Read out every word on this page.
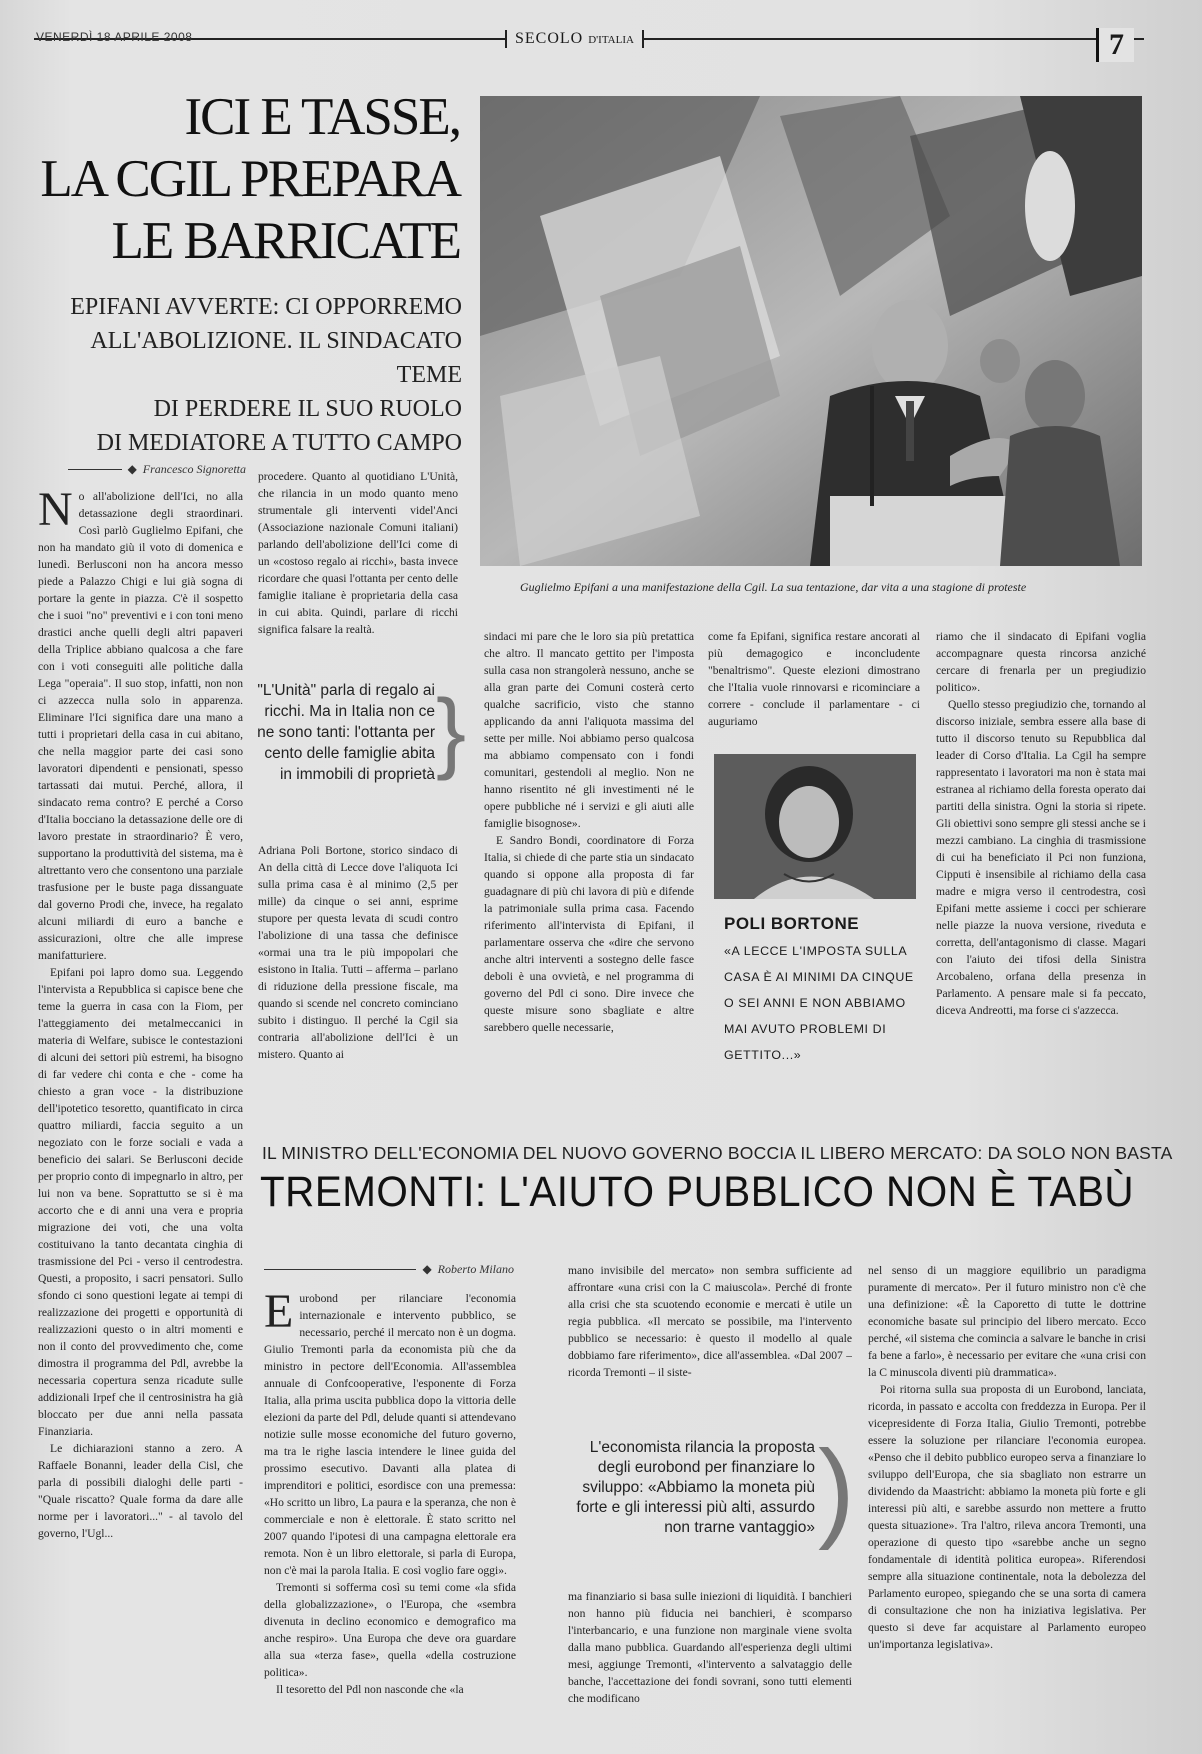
VENERDÌ 18 APRILE 2008	SECOLO D'ITALIA	7
ICI E TASSE,
LA CGIL PREPARA
LE BARRICATE
EPIFANI AVVERTE: CI OPPORREMO
ALL'ABOLIZIONE. IL SINDACATO TEME
DI PERDERE IL SUO RUOLO
DI MEDIATORE A TUTTO CAMPO
Guglielmo Epifani a una manifestazione della Cgil. La sua tentazione, dar vita a una stagione di proteste
◆ Francesco Signoretta
N o all'abolizione dell'Ici, no alla detassazione degli straordinari. Così parlò Guglielmo Epifani, che non ha mandato giù il voto di domenica e lunedì. Berlusconi non ha ancora messo piede a Palazzo Chigi e lui già sogna di portare la gente in piazza. C'è il sospetto che i suoi "no" preventivi e i con toni meno drastici anche quelli degli altri papaveri della Triplice abbiano qualcosa a che fare con i voti conseguiti alle politiche dalla Lega "operaia". Il suo stop, infatti, non non ci azzecca nulla solo in apparenza. Eliminare l'Ici significa dare una mano a tutti i proprietari della casa in cui abitano, che nella maggior parte dei casi sono lavoratori dipendenti e pensionati, spesso tartassati dai mutui. Perché, allora, il sindacato rema contro? E perché a Corso d'Italia bocciano la detassazione delle ore di lavoro prestate in straordinario? È vero, supportano la produttività del sistema, ma è altrettanto vero che consentono una parziale trasfusione per le buste paga dissanguate dal governo Prodi che, invece, ha regalato alcuni miliardi di euro a banche e assicurazioni, oltre che alle imprese manifatturiere.

Epifani poi lapro domo sua. Leggendo l'intervista a Repubblica si capisce bene che teme la guerra in casa con la Fiom, per l'atteggiamento dei metalmeccanici in materia di Welfare, subisce le contestazioni di alcuni dei settori più estremi, ha bisogno di far vedere chi conta e che - come ha chiesto a gran voce - la distribuzione dell'ipotetico tesoretto, quantificato in circa quattro miliardi, faccia seguito a un negoziato con le forze sociali e vada a beneficio dei salari. Se Berlusconi decide per proprio conto di impegnarlo in altro, per lui non va bene. Soprattutto se si è ma accorto che e di anni una vera e propria migrazione dei voti, che una volta costituivano la tanto decantata cinghia di trasmissione del Pci - verso il centrodestra. Questi, a proposito, i sacri pensatori. Sullo sfondo ci sono questioni legate ai tempi di realizzazione dei progetti e opportunità di realizzazioni questo o in altri momenti e non il conto del provvedimento che, come dimostra il programma del Pdl, avrebbe la necessaria copertura senza ricadute sulle addizionali Irpef che il centrosinistra ha già bloccato per due anni nella passata Finanziaria.

Le dichiarazioni stanno a zero. A Raffaele Bonanni, leader della Cisl, che parla di possibili dialoghi delle parti - "Quale riscatto? Quale forma da dare alle norme per i lavoratori..." - al tavolo del governo, l'Ugl...

procedere. Quanto al quotidiano L'Unità, che rilancia in un modo quanto meno strumentale gli interventi videl'Anci (Associazione nazionale Comuni italiani) parlando dell'abolizione dell'Ici come di un «costoso regalo ai ricchi», basta invece ricordare che quasi l'ottanta per cento delle famiglie italiane è proprietaria della casa in cui abita. Quindi, parlare di ricchi significa falsare la realtà.

"L'Unità" parla di regalo ai ricchi. Ma in Italia non ce ne sono tanti: l'ottanta per cento delle famiglie abita in immobili di proprietà }

Adriana Poli Bortone, storico sindaco di An della città di Lecce dove l'aliquota Ici sulla prima casa è al minimo (2,5 per mille) da cinque o sei anni, esprime stupore per questa levata di scudi contro l'abolizione di una tassa che definisce «ormai una tra le più impopolari che esistono in Italia. Tutti – afferma – parlano di riduzione della pressione fiscale, ma quando si scende nel concreto cominciano subito i distinguo. Il perché la Cgil sia contraria all'abolizione dell'Ici è un mistero. Quanto ai

sindaci mi pare che le loro sia più pretattica che altro. Il mancato gettito per l'imposta sulla casa non strangolerà nessuno, anche se alla gran parte dei Comuni costerà certo qualche sacrificio, visto che stanno applicando da anni l'aliquota massima del sette per mille. Noi abbiamo perso qualcosa ma abbiamo compensato con i fondi comunitari, gestendoli al meglio. Non ne hanno risentito né gli investimenti né le opere pubbliche né i servizi e gli aiuti alle famiglie bisognose».

E Sandro Bondi, coordinatore di Forza Italia, si chiede di che parte stia un sindacato quando si oppone alla proposta di far guadagnare di più chi lavora di più e difende la patrimoniale sulla prima casa. Facendo riferimento all'intervista di Epifani, il parlamentare osserva che «dire che servono anche altri interventi a sostegno delle fasce deboli è una ovvietà, e nel programma di governo del Pdl ci sono. Dire invece che queste misure sono sbagliate e altre sarebbero quelle necessarie,

come fa Epifani, significa restare ancorati al più demagogico e inconcludente "benaltrismo". Queste elezioni dimostrano che l'Italia vuole rinnovarsi e ricominciare a correre - conclude il parlamentare - ci auguriamo

riamo che il sindacato di Epifani voglia accompagnare questa rincorsa anziché cercare di frenarla per un pregiudizio politico».

Quello stesso pregiudizio che, tornando al discorso iniziale, sembra essere alla base di tutto il discorso tenuto su Repubblica dal leader di Corso d'Italia. La Cgil ha sempre rappresentato i lavoratori ma non è stata mai estranea al richiamo della foresta operato dai partiti della sinistra. Ogni la storia si ripete. Gli obiettivi sono sempre gli stessi anche se i mezzi cambiano. La cinghia di trasmissione di cui ha beneficiato il Pci non funziona, Cipputi è insensibile al richiamo della casa madre e migra verso il centrodestra, così Epifani mette assieme i cocci per schierare nelle piazze la nuova versione, riveduta e corretta, dell'antagonismo di classe. Magari con l'aiuto dei tifosi della Sinistra Arcobaleno, orfana della presenza in Parlamento. A pensare male si fa peccato, diceva Andreotti, ma forse ci s'azzecca.

POLI BORTONE
«A LECCE L'IMPOSTA SULLA CASA È AI MINIMI DA CINQUE O SEI ANNI E NON ABBIAMO MAI AVUTO PROBLEMI DI GETTITO...»
IL MINISTRO DELL'ECONOMIA DEL NUOVO GOVERNO BOCCIA IL LIBERO MERCATO: DA SOLO NON BASTA
TREMONTI: L'AIUTO PUBBLICO NON È TABÙ
◆ Roberto Milano
E urobond per rilanciare l'economia internazionale e intervento pubblico, se necessario, perché il mercato non è un dogma. Giulio Tremonti parla da economista più che da ministro in pectore dell'Economia. All'assemblea annuale di Confcooperative, l'esponente di Forza Italia, alla prima uscita pubblica dopo la vittoria delle elezioni da parte del Pdl, delude quanti si attendevano notizie sulle mosse economiche del futuro governo, ma tra le righe lascia intendere le linee guida del prossimo esecutivo. Davanti alla platea di imprenditori e politici, esordisce con una premessa: «Ho scritto un libro, La paura e la speranza, che non è commerciale e non è elettorale. È stato scritto nel 2007 quando l'ipotesi di una campagna elettorale era remota. Non è un libro elettorale, si parla di Europa, non c'è mai la parola Italia. E così voglio fare oggi».

Tremonti si sofferma così su temi come «la sfida della globalizzazione», o l'Europa, che «sembra divenuta in declino economico e demografico ma anche respiro». Una Europa che deve ora guardare alla sua «terza fase», quella «della costruzione politica».

Il tesoretto del Pdl non nasconde che «la

mano invisibile del mercato» non sembra sufficiente ad affrontare «una crisi con la C maiuscola». Perché di fronte alla crisi che sta scuotendo economie e mercati è utile un regia pubblica. «Il mercato se possibile, ma l'intervento pubblico se necessario: è questo il modello al quale dobbiamo fare riferimento», dice all'assemblea. «Dal 2007 – ricorda Tremonti – il siste-

L'economista rilancia la proposta degli eurobond per finanziare lo sviluppo: «Abbiamo la moneta più forte e gli interessi più alti, assurdo non trarne vantaggio» )

ma finanziario si basa sulle iniezioni di liquidità. I banchieri non hanno più fiducia nei banchieri, è scomparso l'interbancario, e una funzione non marginale viene svolta dalla mano pubblica. Guardando all'esperienza degli ultimi mesi, aggiunge Tremonti, «l'intervento a salvataggio delle banche, l'accettazione dei fondi sovrani, sono tutti elementi che modificano

nel senso di un maggiore equilibrio un paradigma puramente di mercato». Per il futuro ministro non c'è che una definizione: «È la Caporetto di tutte le dottrine economiche basate sul principio del libero mercato. Ecco perché, «il sistema che comincia a salvare le banche in crisi fa bene a farlo», è necessario per evitare che «una crisi con la C minuscola diventi più drammatica».

Poi ritorna sulla sua proposta di un Eurobond, lanciata, ricorda, in passato e accolta con freddezza in Europa. Per il vicepresidente di Forza Italia, Giulio Tremonti, potrebbe essere la soluzione per rilanciare l'economia europea. «Penso che il debito pubblico europeo serva a finanziare lo sviluppo dell'Europa, che sia sbagliato non estrarre un dividendo da Maastricht: abbiamo la moneta più forte e gli interessi più alti, e sarebbe assurdo non mettere a frutto questa situazione». Tra l'altro, rileva ancora Tremonti, una operazione di questo tipo «sarebbe anche un segno fondamentale di identità politica europea». Riferendosi sempre alla situazione continentale, nota la debolezza del Parlamento europeo, spiegando che se una sorta di camera di consultazione che non ha iniziativa legislativa. Per questo si deve far acquistare al Parlamento europeo un'importanza legislativa».
